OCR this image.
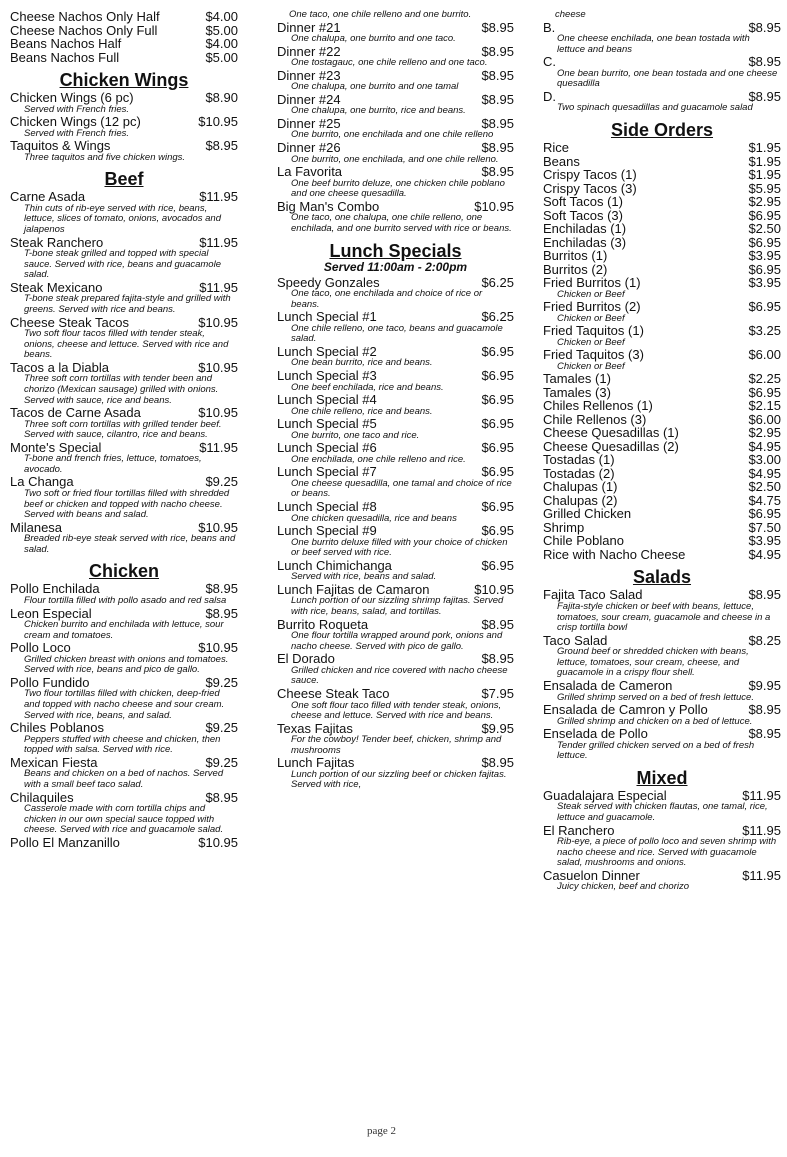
Cheese Nachos Only Half	$4.00
Cheese Nachos Only Full	$5.00
Beans Nachos Half	$4.00
Beans Nachos Full	$5.00
Chicken Wings
Chicken Wings (6 pc)	$8.90
Served with French fries.
Chicken Wings (12 pc)	$10.95
Served with French fries.
Taquitos & Wings	$8.95
Three taquitos and five chicken wings.
Beef
Carne Asada	$11.95
Thin cuts of rib-eye served with rice, beans, lettuce, slices of tomato, onions, avocados and jalapenos
Steak Ranchero	$11.95
T-bone steak grilled and topped with special sauce. Served with rice, beans and guacamole salad.
Steak Mexicano	$11.95
T-bone steak prepared fajita-style and grilled with greens. Served with rice and beans.
Cheese Steak Tacos	$10.95
Two soft flour tacos filled with tender steak, onions, cheese and lettuce. Served with rice and beans.
Tacos a la Diabla	$10.95
Three soft corn tortillas with tender been and chorizo (Mexican sausage) grilled with onions. Served with sauce, rice and beans.
Tacos de Carne Asada	$10.95
Three soft corn tortillas with grilled tender beef. Served with sauce, cilantro, rice and beans.
Monte's Special	$11.95
T-bone and french fries, lettuce, tomatoes, avocado.
La Changa	$9.25
Two soft or fried flour tortillas filled with shredded beef or chicken and topped with nacho cheese. Served with beans and salad.
Milanesa	$10.95
Breaded rib-eye steak served with rice, beans and salad.
Chicken
Pollo Enchilada	$8.95
Flour tortilla filled with pollo asado and red salsa
Leon Especial	$8.95
Chicken burrito and enchilada with lettuce, sour cream and tomatoes.
Pollo Loco	$10.95
Grilled chicken breast with onions and tomatoes. Served with rice, beans and pico de gallo.
Pollo Fundido	$9.25
Two flour tortillas filled with chicken, deep-fried and topped with nacho cheese and sour cream. Served with rice, beans, and salad.
Chiles Poblanos	$9.25
Peppers stuffed with cheese and chicken, then topped with salsa. Served with rice.
Mexican Fiesta	$9.25
Beans and chicken on a bed of nachos. Served with a small beef taco salad.
Chilaquiles	$8.95
Casserole made with corn tortilla chips and chicken in our own special sauce topped with cheese. Served with rice and guacamole salad.
Pollo El Manzanillo	$10.95
One taco, one chile relleno and one burrito.
Dinner #21	$8.95
One chalupa, one burrito and one taco.
Dinner #22	$8.95
One tostagauc, one chile relleno and one taco.
Dinner #23	$8.95
One chalupa, one burrito and one tamal
Dinner #24	$8.95
One chalupa, one burrito, rice and beans.
Dinner #25	$8.95
One burrito, one enchilada and one chile relleno
Dinner #26	$8.95
One burrito, one enchilada, and one chile relleno.
La Favorita	$8.95
One beef burrito deluze, one chicken chile poblano and one cheese quesadilla.
Big Man's Combo	$10.95
One taco, one chalupa, one chile relleno, one enchilada, and one burrito served with rice or beans.
Lunch Specials
Served 11:00am - 2:00pm
Speedy Gonzales	$6.25
One taco, one enchilada and choice of rice or beans.
Lunch Special #1	$6.25
One chile relleno, one taco, beans and guacamole salad.
Lunch Special #2	$6.95
One bean burrito, rice and beans.
Lunch Special #3	$6.95
One beef enchilada, rice and beans.
Lunch Special #4	$6.95
One chile relleno, rice and beans.
Lunch Special #5	$6.95
One burrito, one taco and rice.
Lunch Special #6	$6.95
One enchilada, one chile relleno and rice.
Lunch Special #7	$6.95
One cheese quesadilla, one tamal and choice of rice or beans.
Lunch Special #8	$6.95
One chicken quesadilla, rice and beans
Lunch Special #9	$6.95
One burrito deluxe filled with your choice of chicken or beef served with rice.
Lunch Chimichanga	$6.95
Served with rice, beans and salad.
Lunch Fajitas de Camaron	$10.95
Lunch portion of our sizzling shrimp fajitas. Served with rice, beans, salad, and tortillas.
Burrito Roqueta	$8.95
One flour tortilla wrapped around pork, onions and nacho cheese. Served with pico de gallo.
El Dorado	$8.95
Grilled chicken and rice covered with nacho cheese sauce.
Cheese Steak Taco	$7.95
One soft flour taco filled with tender steak, onions, cheese and lettuce. Served with rice and beans.
Texas Fajitas	$9.95
For the cowboy! Tender beef, chicken, shrimp and mushrooms
Lunch Fajitas	$8.95
Lunch portion of our sizzling beef or chicken fajitas. Served with rice,
cheese
B.	$8.95
One cheese enchilada, one bean tostada with lettuce and beans
C.	$8.95
One bean burrito, one bean tostada and one cheese quesadilla
D.	$8.95
Two spinach quesadillas and guacamole salad
Side Orders
Rice	$1.95
Beans	$1.95
Crispy Tacos (1)	$1.95
Crispy Tacos (3)	$5.95
Soft Tacos (1)	$2.95
Soft Tacos (3)	$6.95
Enchiladas (1)	$2.50
Enchiladas (3)	$6.95
Burritos (1)	$3.95
Burritos (2)	$6.95
Fried Burritos (1)	$3.95
Chicken or Beef
Fried Burritos (2)	$6.95
Chicken or Beef
Fried Taquitos (1)	$3.25
Chicken or Beef
Fried Taquitos (3)	$6.00
Chicken or Beef
Tamales (1)	$2.25
Tamales (3)	$6.95
Chiles Rellenos (1)	$2.15
Chile Rellenos (3)	$6.00
Cheese Quesadillas (1)	$2.95
Cheese Quesadillas (2)	$4.95
Tostadas (1)	$3.00
Tostadas (2)	$4.95
Chalupas (1)	$2.50
Chalupas (2)	$4.75
Grilled Chicken	$6.95
Shrimp	$7.50
Chile Poblano	$3.95
Rice with Nacho Cheese	$4.95
Salads
Fajita Taco Salad	$8.95
Fajita-style chicken or beef with beans, lettuce, tomatoes, sour cream, guacamole and cheese in a crisp tortilla bowl
Taco Salad	$8.25
Ground beef or shredded chicken with beans, lettuce, tomatoes, sour cream, cheese, and guacamole in a crispy flour shell.
Ensalada de Cameron	$9.95
Grilled shrimp served on a bed of fresh lettuce.
Ensalada de Camron y Pollo	$8.95
Grilled shrimp and chicken on a bed of lettuce.
Enselada de Pollo	$8.95
Tender grilled chicken served on a bed of fresh lettuce.
Mixed
Guadalajara Especial	$11.95
Steak served with chicken flautas, one tamal, rice, lettuce and guacamole.
El Ranchero	$11.95
Rib-eye, a piece of pollo loco and seven shrimp with nacho cheese and rice. Served with guacamole salad, mushrooms and onions.
Casuelon Dinner	$11.95
Juicy chicken, beef and chorizo
page 2
